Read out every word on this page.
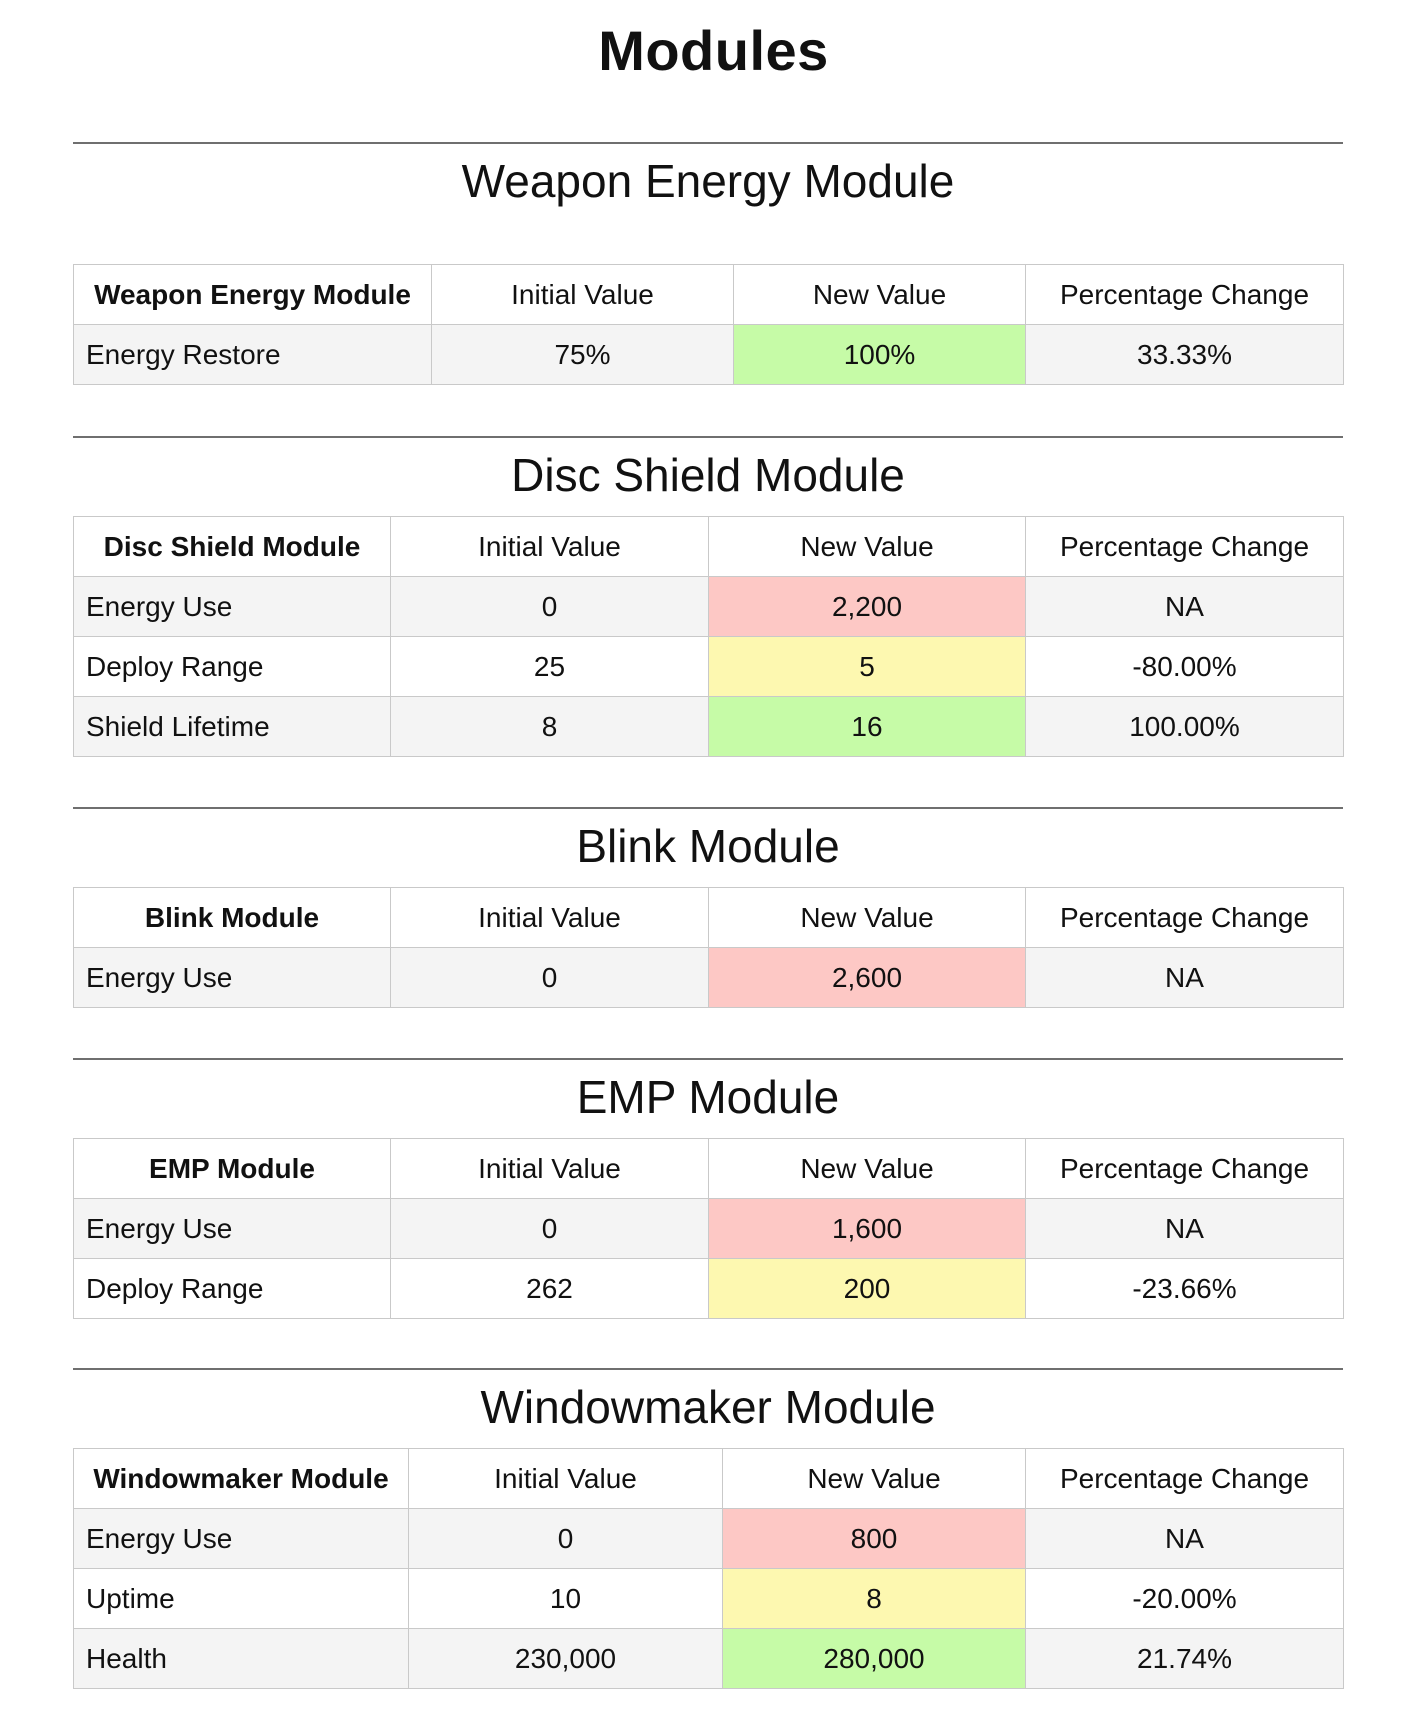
Modules
Weapon Energy Module
Weapon Energy Module	Initial Value	New Value	Percentage Change
Energy Restore	75%	100%	33.33%
Disc Shield Module
Disc Shield Module	Initial Value	New Value	Percentage Change
Energy Use	0	2,200	NA
Deploy Range	25	5	-80.00%
Shield Lifetime	8	16	100.00%
Blink Module
Blink Module	Initial Value	New Value	Percentage Change
Energy Use	0	2,600	NA
EMP Module
EMP Module	Initial Value	New Value	Percentage Change
Energy Use	0	1,600	NA
Deploy Range	262	200	-23.66%
Windowmaker Module
Windowmaker Module	Initial Value	New Value	Percentage Change
Energy Use	0	800	NA
Uptime	10	8	-20.00%
Health	230,000	280,000	21.74%
